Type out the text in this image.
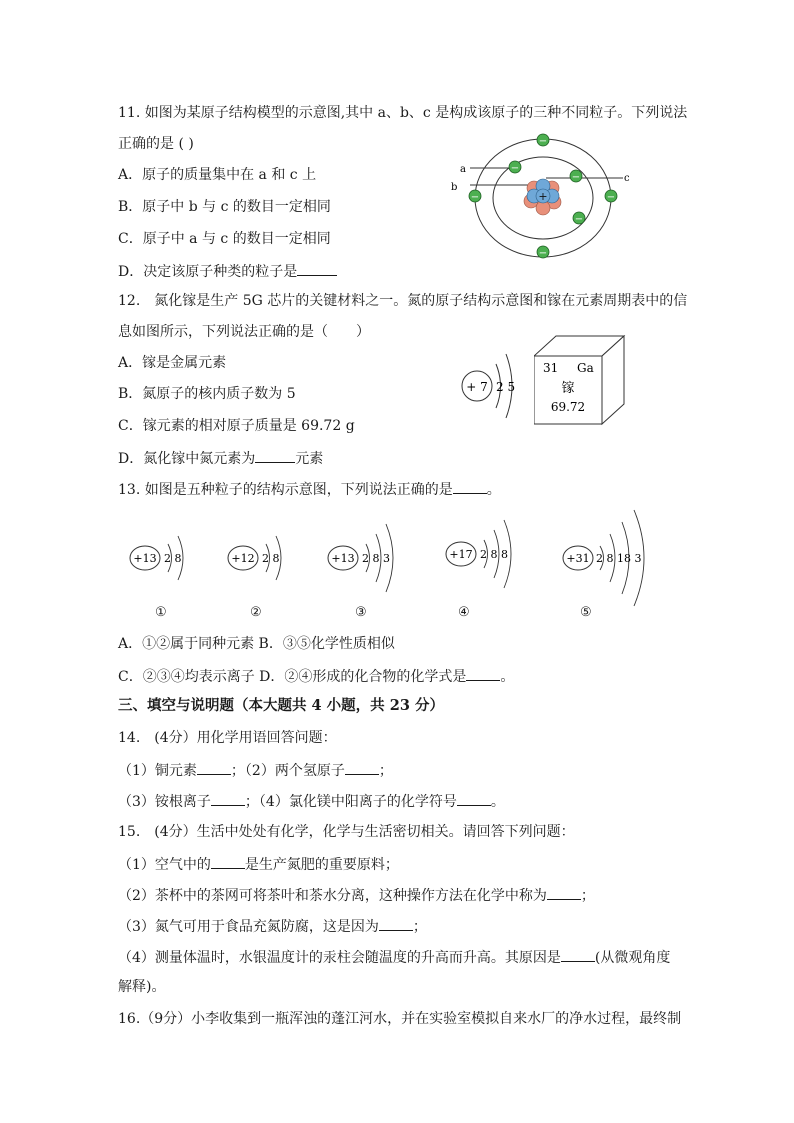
11. 如图为某原子结构模型的示意图,其中 a、b、c 是构成该原子的三种不同粒子。下列说法
正确的是 ( )
A．原子的质量集中在 a 和 c 上
B．原子中 b 与 c 的数目一定相同
C．原子中 a 与 c 的数目一定相同
D．决定该原子种类的粒子是
a
b
c
+
−
−
−
−	−
−
−
12.　氮化镓是生产 5G 芯片的关键材料之一。氮的原子结构示意图和镓在元素周期表中的信
息如图所示，下列说法正确的是（　　）
A．镓是金属元素
B．氮原子的核内质子数为 5
C．镓元素的相对原子质量是 69.72 g
D．氮化镓中氮元素为	元素
+ 7 2 5
31 Ga
镓
69.72
13. 如图是五种粒子的结构示意图，下列说法正确的是 。
+13 2 8	+12 2 8	+13 2 8 3	+17 2 8 8	+31 2 8 18 3
①	②	③	④	⑤
A．①②属于同种元素 B．③⑤化学性质相似
C．②③④均表示离子 D．②④形成的化合物的化学式是 。
三、填空与说明题（本大题共 4 小题，共 23 分）
14.　(4分）用化学用语回答问题：
（1）铜元素 ；（2）两个氢原子 ；
（3）铵根离子 ；（4）氯化镁中阳离子的化学符号 。
15.　(4分）生活中处处有化学，化学与生活密切相关。请回答下列问题：
（1）空气中的 是生产氮肥的重要原料；
（2）茶杯中的茶网可将茶叶和茶水分离，这种操作方法在化学中称为 ；
（3）氮气可用于食品充氮防腐，这是因为 ；
（4）测量体温时，水银温度计的汞柱会随温度的升高而升高。其原因是 (从微观角度
解释)。
16.（9分）小李收集到一瓶浑浊的蓬江河水，并在实验室模拟自来水厂的净水过程，最终制
